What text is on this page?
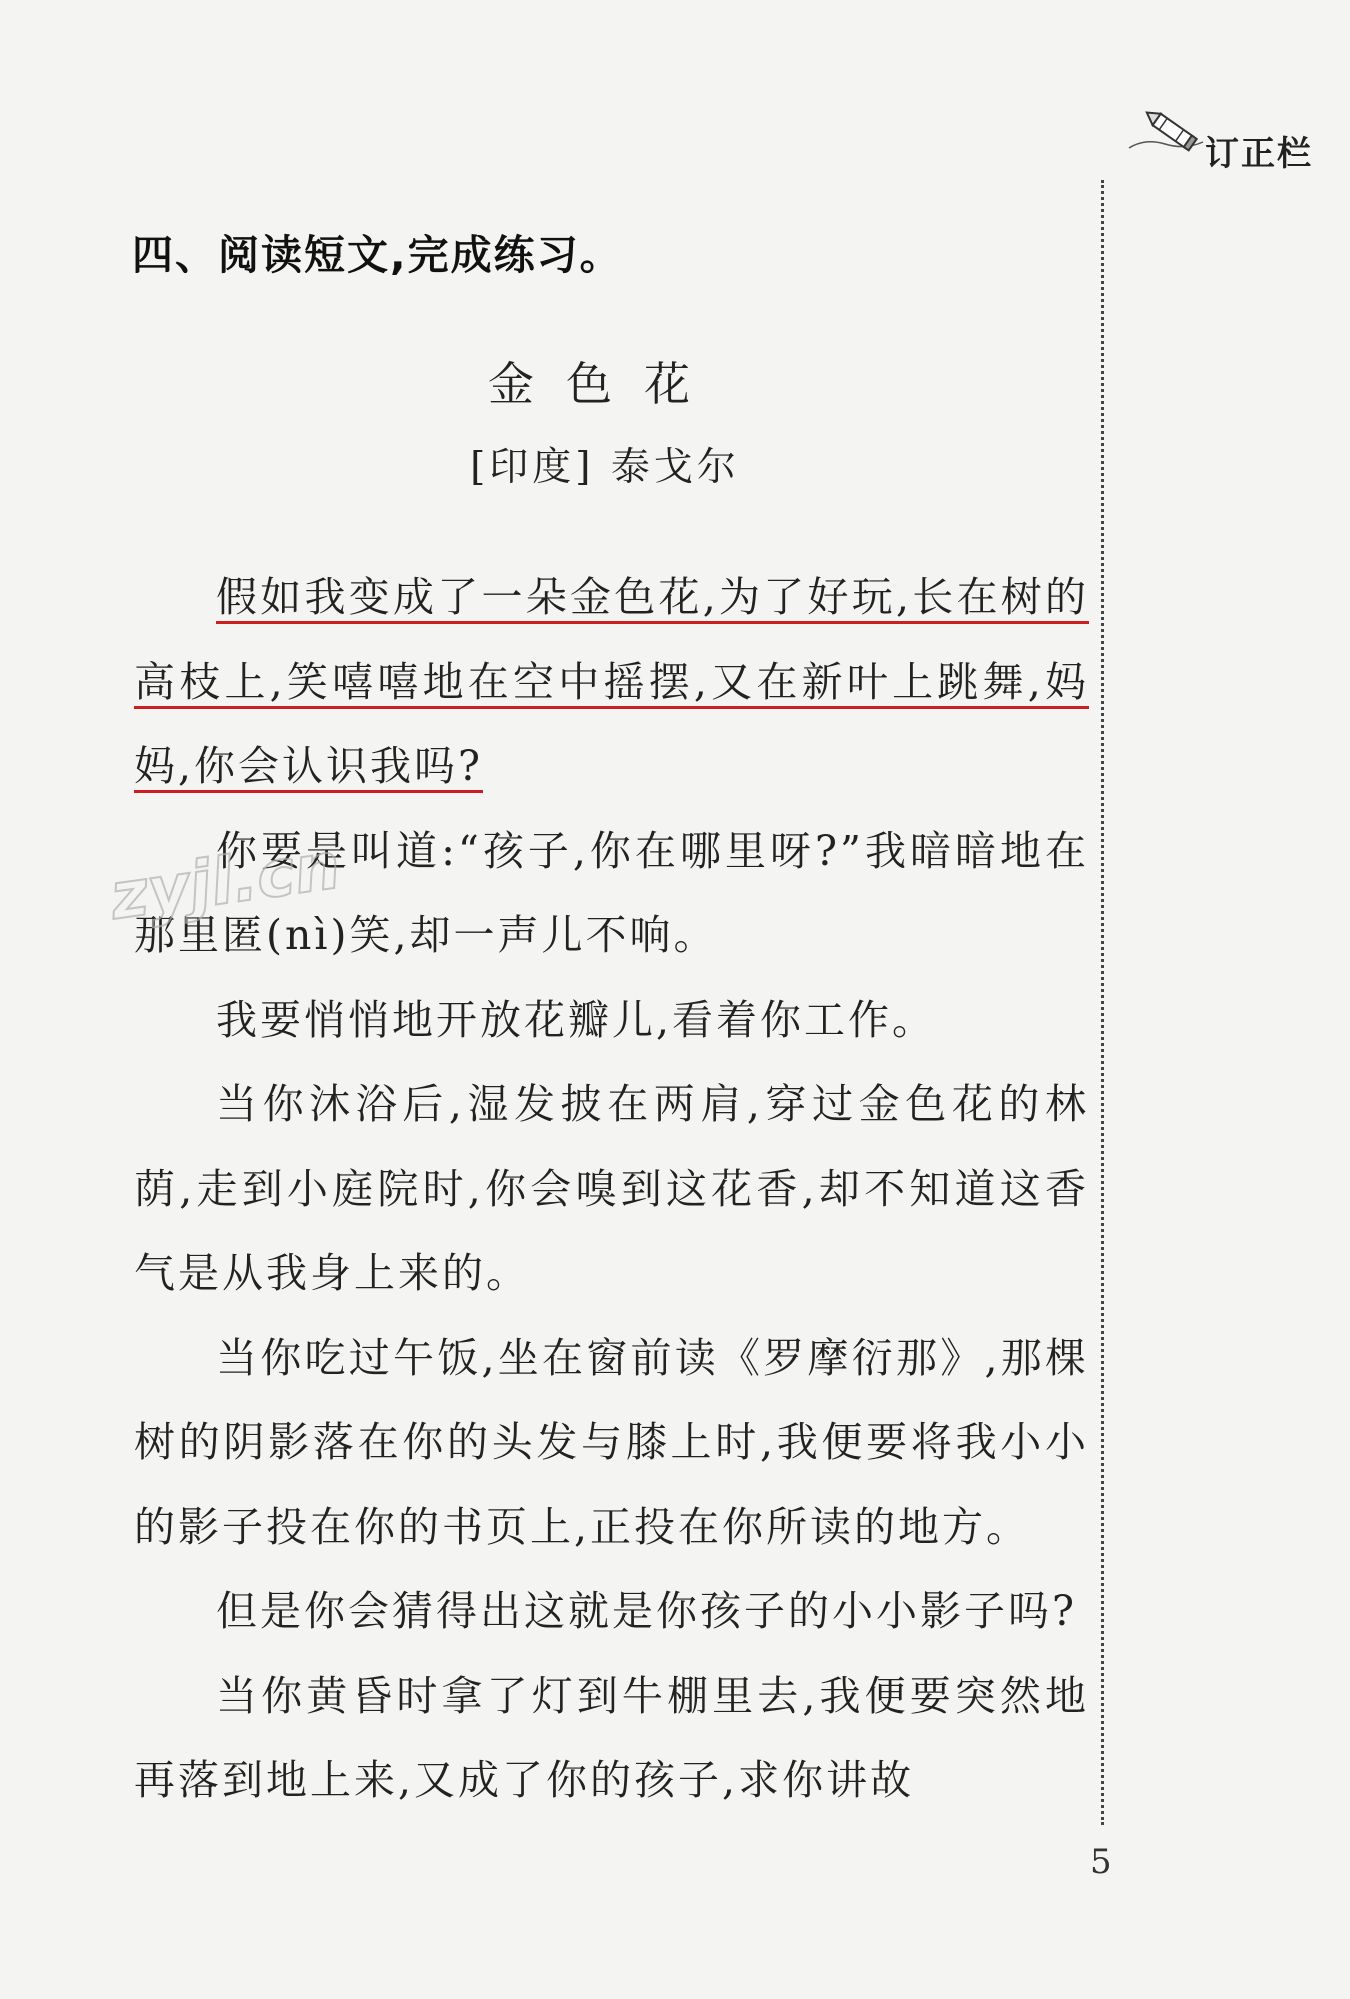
订正栏
四、阅读短文,完成练习。
金色花
[印度] 泰戈尔

假如我变成了一朵金色花,为了好玩,长在树的高枝上,笑嘻嘻地在空中摇摆,又在新叶上跳舞,妈妈,你会认识我吗?

你要是叫道:“孩子,你在哪里呀?”我暗暗地在那里匿(nì)笑,却一声儿不响。

我要悄悄地开放花瓣儿,看着你工作。

当你沐浴后,湿发披在两肩,穿过金色花的林荫,走到小庭院时,你会嗅到这花香,却不知道这香气是从我身上来的。

当你吃过午饭,坐在窗前读《罗摩衍那》,那棵树的阴影落在你的头发与膝上时,我便要将我小小的影子投在你的书页上,正投在你所读的地方。

但是你会猜得出这就是你孩子的小小影子吗?

当你黄昏时拿了灯到牛棚里去,我便要突然地再落到地上来,又成了你的孩子,求你讲故

zyjl.cn
5
